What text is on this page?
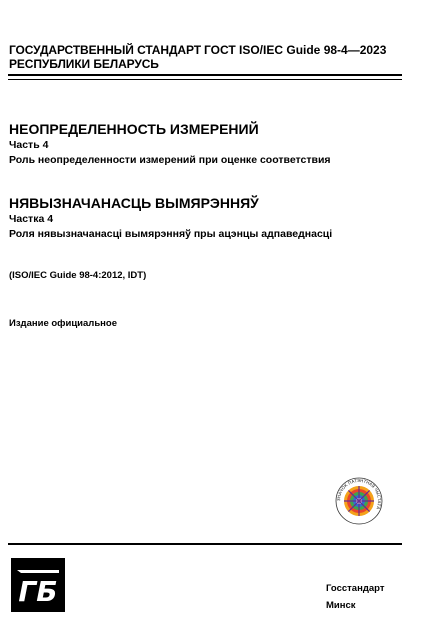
ГОСУДАРСТВЕННЫЙ СТАНДАРТ
РЕСПУБЛИКИ БЕЛАРУСЬ
ГОСТ ISO/IEC Guide 98-4—2023
НЕОПРЕДЕЛЕННОСТЬ ИЗМЕРЕНИЙ
Часть 4
Роль неопределенности измерений при оценке соответствия
НЯВЫЗНАЧАНАСЦЬ ВЫМЯРЭННЯЎ
Частка 4
Роля нявызначанасці вымярэнняў пры ацэнцы адпаведнасці
(ISO/IEC Guide 98-4:2012, IDT)
Издание официальное
ЗНАЧОК ПАТЭНТНАЯ ЧЫСТАТА
ГБ	Госстандарт
Минск
